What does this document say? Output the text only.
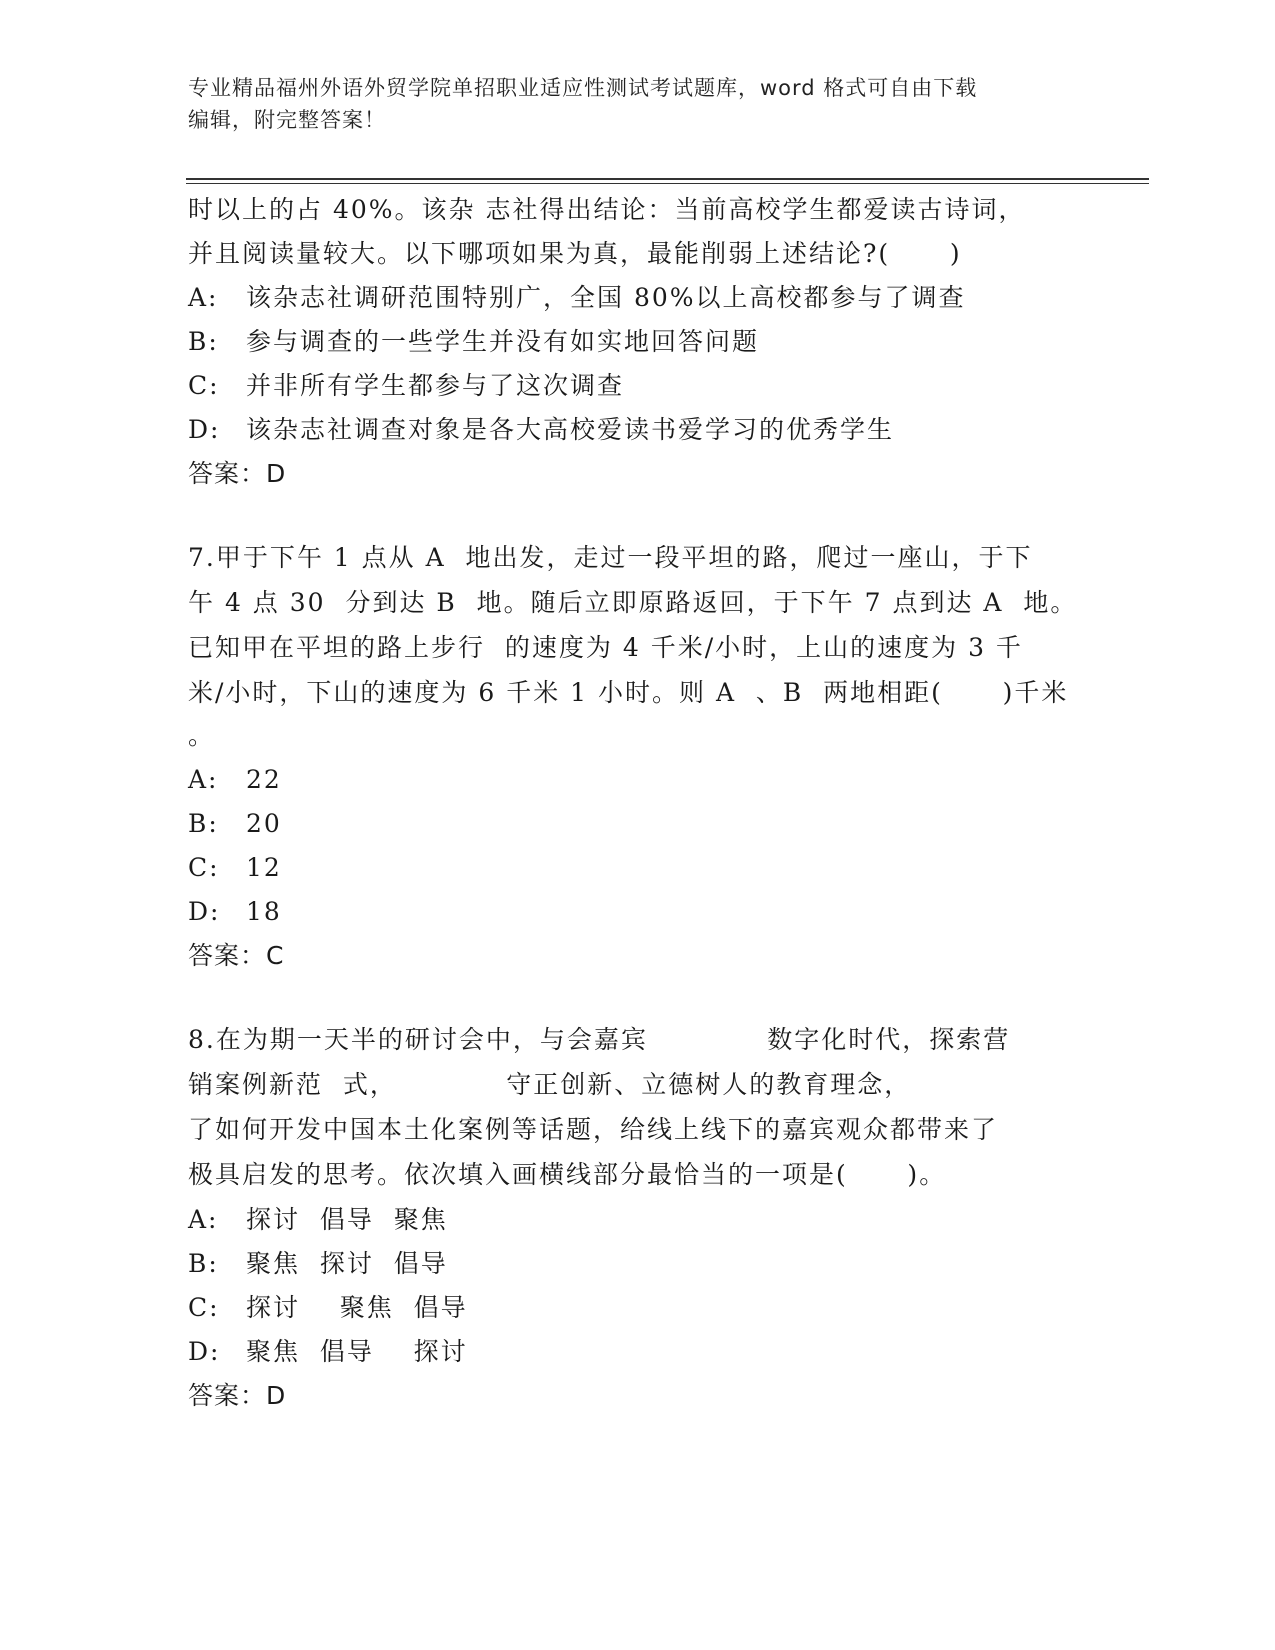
专业精品福州外语外贸学院单招职业适应性测试考试题库，word 格式可自由下载
编辑，附完整答案！
时以上的占 40%。该杂 志社得出结论：当前高校学生都爱读古诗词，
并且阅读量较大。以下哪项如果为真，最能削弱上述结论?(      )
A: 该杂志社调研范围特别广，全国 80%以上高校都参与了调查
B: 参与调查的一些学生并没有如实地回答问题
C: 并非所有学生都参与了这次调查
D: 该杂志社调查对象是各大高校爱读书爱学习的优秀学生
答案：D
7.甲于下午 1 点从 A  地出发，走过一段平坦的路，爬过一座山，于下
午 4 点 30  分到达 B  地。随后立即原路返回，于下午 7 点到达 A  地。
已知甲在平坦的路上步行  的速度为 4 千米/小时，上山的速度为 3 千
米/小时，下山的速度为 6 千米 1 小时。则 A  、B  两地相距(      )千米
。
A: 22
B: 20
C: 12
D: 18
答案：C
8.在为期一天半的研讨会中，与会嘉宾            数字化时代，探索营
销案例新范  式，           守正创新、立德树人的教育理念，
了如何开发中国本土化案例等话题，给线上线下的嘉宾观众都带来了
极具启发的思考。依次填入画横线部分最恰当的一项是(      )。
A: 探讨  倡导  聚焦
B: 聚焦  探讨  倡导
C: 探讨    聚焦  倡导
D: 聚焦  倡导    探讨
答案：D
